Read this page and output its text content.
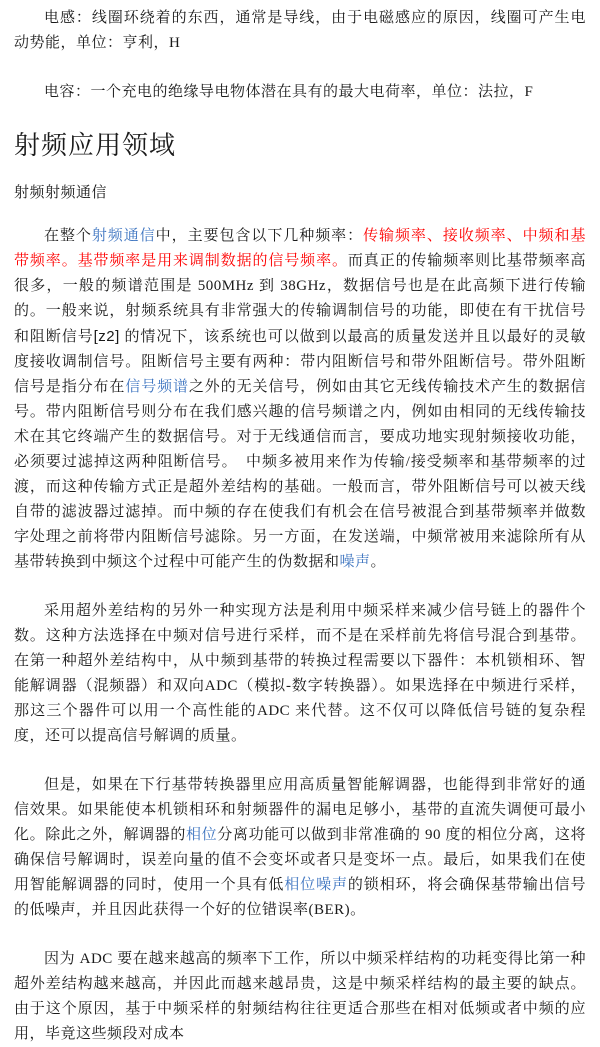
电感：线圈环绕着的东西，通常是导线，由于电磁感应的原因，线圈可产生电动势能，单位：亨利，H

电容：一个充电的绝缘导电物体潜在具有的最大电荷率，单位：法拉，F

射频应用领域
射频射频通信

在整个射频通信中，主要包含以下几种频率：传输频率、接收频率、中频和基带频率。基带频率是用来调制数据的信号频率。而真正的传输频率则比基带频率高很多，一般的频谱范围是 500MHz 到 38GHz，数据信号也是在此高频下进行传输的。一般来说，射频系统具有非常强大的传输调制信号的功能，即使在有干扰信号和阻断信号[z2] 的情况下，该系统也可以做到以最高的质量发送并且以最好的灵敏度接收调制信号。阻断信号主要有两种：带内阻断信号和带外阻断信号。带外阻断信号是指分布在信号频谱之外的无关信号，例如由其它无线传输技术产生的数据信号。带内阻断信号则分布在我们感兴趣的信号频谱之内，例如由相同的无线传输技术在其它终端产生的数据信号。对于无线通信而言，要成功地实现射频接收功能，必须要过滤掉这两种阻断信号。　中频多被用来作为传输/接受频率和基带频率的过渡，而这种传输方式正是超外差结构的基础。一般而言，带外阻断信号可以被天线自带的滤波器过滤掉。而中频的存在使我们有机会在信号被混合到基带频率并做数字处理之前将带内阻断信号滤除。另一方面，在发送端，中频常被用来滤除所有从基带转换到中频这个过程中可能产生的伪数据和噪声。

采用超外差结构的另外一种实现方法是利用中频采样来减少信号链上的器件个数。这种方法选择在中频对信号进行采样，而不是在采样前先将信号混合到基带。在第一种超外差结构中，从中频到基带的转换过程需要以下器件：本机锁相环、智能解调器（混频器）和双向ADC（模拟-数字转换器）。如果选择在中频进行采样，那这三个器件可以用一个高性能的ADC 来代替。这不仅可以降低信号链的复杂程度，还可以提高信号解调的质量。

但是，如果在下行基带转换器里应用高质量智能解调器，也能得到非常好的通信效果。如果能使本机锁相环和射频器件的漏电足够小，基带的直流失调便可最小化。除此之外，解调器的相位分离功能可以做到非常准确的 90 度的相位分离，这将确保信号解调时，误差向量的值不会变坏或者只是变坏一点。最后，如果我们在使用智能解调器的同时，使用一个具有低相位噪声的锁相环，将会确保基带输出信号的低噪声，并且因此获得一个好的位错误率(BER)。

因为 ADC 要在越来越高的频率下工作，所以中频采样结构的功耗变得比第一种超外差结构越来越高，并因此而越来越昂贵，这是中频采样结构的最主要的缺点。由于这个原因，基于中频采样的射频结构往往更适合那些在相对低频或者中频的应用，毕竟这些频段对成本
